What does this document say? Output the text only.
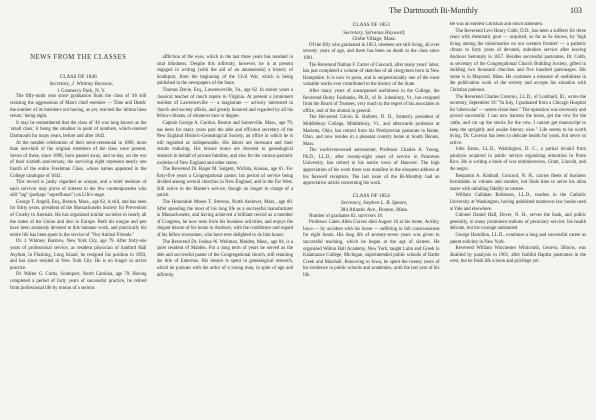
The Dartmouth Bi-Monthly	103
NEWS FROM THE CLASSES
CLASS OF 1846

Secretary, J. Whitney Barstow,

1 Gramercy Park, N. Y.

The fifty-ninth year since graduation finds the class of '46 still resisting the aggressions of Man's chief enemies — Time and Death: the number of its members not having, as yet, reached the 'ultima linea rerum,' being eight.

It may be remembered that the class of '46 was long known as the 'small class,' it being the smallest in point of numbers, which entered Dartmouth for many years, before and after 1842.

At the notable celebration of their semi-centennial in 1896, more than one-third of the original members of the class were present. Seven of these, since 1896, have passed away, and to-day, on the eve of their sixtieth anniversary, the surviving eight represent nearly one fourth of the entire Freshman Class, whose names appeared in the College catalogue of 1842.

This record is justly regarded as unique, and a brief mention of each survivor may prove of interest to the few contemporaries who still "lag" (perhaps "superfluous") on Life's stage.

George T. Angell, Esq., Boston, Mass., age 82, is still, and has been for thirty years, president of the Massachusetts Society for Prevention of Cruelty to Animals. He has organized similar societies in nearly all the states of the Union and also in Europe. Both his tongue and pen have been zealously devoted to this humane work, and practically his entire life has been spent in the service of "Our Animal Friends."

Dr. J. Whitney Barstow, New York City, age 79. After forty-one years of professional service, as resident physician of Sanford Hall Asylum, in Flushing, Long Island, he resigned his position in 1893, and has since resided in New York City. He is no longer in active practice.

Dr. Walter G. Curtis, Southport, North Carolina, age 79. Having completed a period of forty years of successful practice, he retired from professional life by reason of a serious

affliction of the eyes, which in the last three years has resulted in total blindness. Despite this infirmity, however, he is at present engaged in writing (with the aid of an amanuensis) a history of Southport, from the beginning of the Civil War, which is being published in the newspapers of the State.

Thomas Davie, Esq., Lawrenceville, Va., age 82. In earlier years a classical teacher of much repute in Virginia. At present a prominent resident of Lawrenceville — a magistrate — actively interested in church and society affairs, and greatly honored and regarded by all his fellow-citizens, of whatever race or degree.

Captain George A. Gordon, Boston and Somerville, Mass., age 79, has been for many years past the able and efficient secretary of the New England Historic-Genealogical Society, an office in which he is still regarded as indispensable. His labors are incessant and their results enduring. His leisure hours are devoted to genealogical research in behalf of private families, and also for the various patriotic societies of New England and other states.

The Reverend Dr. Roger M. Sargent, Wichita, Kansas, age 81. For forty-five years a Congregational pastor; his period of service being divided among several churches in New England, and in the Far West. Still active in the Master's service, though no longer in charge of a parish.

The Honorable Moses T. Stevens, North Andover, Mass., age 80. After spending the most of his long life as a successful manufacturer in Massachusetts, and having achieved a brilliant record as a member of Congress, he now rests from his business activities, and enjoys the elegant leisure of his home in Andover, with the confidence and regard of his fellow townsmen, who have ever delighted to do him honor.

The Reverend Dr. Joshua W. Wellman, Malden, Mass., age 84, is a quiet resident of Malden. For a long term of years he served as the able and successful pastor of the Congregational church, still retaining the title of Emeritus. His leisure is spent in genealogical research, which he pursues with the ardor of a young man, in spite of age and infirmity.

CLASS OF 1853

Secretary, Sylvanus Hayward,

Globe Village, Mass.

Of the fifty who graduated in 1853, nineteen are still living, all over seventy years of age, and there has been no death in the class since 1901.

The Reverend Nathan F. Carter of Concord, after many years' labor, has just completed a volume of sketches of all clergymen born in New Hampshire. It is now in press, and is unquestionably one of the most valuable works ever contributed to the history of the State.

After many years of unsurpassed usefulness in the College, the Reverend Henry Fairbanks, Ph.D., of St. Johnsbury, Vt., has resigned from the Board of Trustees, very much to the regret of his associates in office, and of the alumni in general.

The Reverend Calvin B. Hulbert, D. D., formerly president of Middlebury College, Middlebury, Vt., and afterwards professor at Marietta, Ohio, has retired from his Presbyterian pastorate in Rome, Ohio, and now resides in a pleasant country home at South Dennis, Mass.

The world-renowned astronomer, Professor Charles A. Young, Ph.D., LL.D., after twenty-eight years of service in Princeton University, has retired to his native town of Hanover. The high appreciation of his work there was manifest in the eloquent address at his farewell reception. The last issue of the Bi-Monthly had an appreciative article concerning his work.

CLASS OF 1854

Secretary, Stephen L. B. Speare,

384 Atlantic Ave., Boston, Mass.

Number of graduates 62, survivors 18.

Professor Calen Allen Graves died August 18 at his home, Ackley, Iowa — by accident with his horse — suffering in full consciousness for eight hours. His long life of seventy-seven years was given to successful teaching, which he began at the age of sixteen. He organized Wilton Hall Academy, New York, taught Latin and Greek in Kalamazoo College, Michigan, superintended public schools of Battle Creek and Marshall. Removing to Iowa, he spent the twenty years of his residence in public schools and academies, until the last year of his life.

He was an earnest Christian and much lamented.

The Reverend Levi Henry Cobb, D.D., has been a sufferer for three years with rheumatic gout — acquired, so far as he knows, by 'high living among the missionaries on our western frontier' — a pathetic climax to forty years of devoted, unbroken service after leaving Andover Seminary in 1857. Besides successful pastorates, Dr. Cobb, as secretary of the Congregational Church Building Society, gifted in building two thousand churches and five hundred parsonages. His home is in Maynard, Mass. He continues a measure of usefulness in the publication work of the society and accepts his situation with Christian patience.

The Reverend Charles Caverno, LL.D., of Lombard, Ill., wrote the secretary, September 19: "In July, I graduated from a Chicago Hospital for 'tubercular' — seems clean bare." The operation was necessary and proved successful. I can now harness the horse, get the cow for the cattle, and cut up the stocks for the cow. I cannot get manuscript to keep the sprightly and awake literary wise." Life seems to be worth living. Dr. Caverno has been in delicate health for years, but never so active.

John Eaton, LL.D., Washington, D. C., a partial invalid from paralysis acquired in public service organizing education in Porto Rico. He is writing a book of war reminiscences, Grant, Lincoln, and the negro.

Benjamin A. Kimball, Concord, N. H., carries fleets of business formidable in volume and number, but finds time to serve his alma mater with unfailing fidelity as trustee.

William Callahan Robinson, LL.D., teaches in the Catholic University at Washington, having published numerous law books used at Yale and elsewhere.

Colonel Daniel Hall, Dover, N. H., serves the bank, and public generally, in many prominent stations of pecuniary service; his health delicate, but his courage undaunted.

George Hamilton, LL.D., continues a long and successful career as patent solicitor in New York.

Reverend William Winchester Whitcomb, Geneva, Illinois, was disabled by paralysis in 1901, after faithful Baptist pastorates in the west, but he finds life a boon and privilege yet.
